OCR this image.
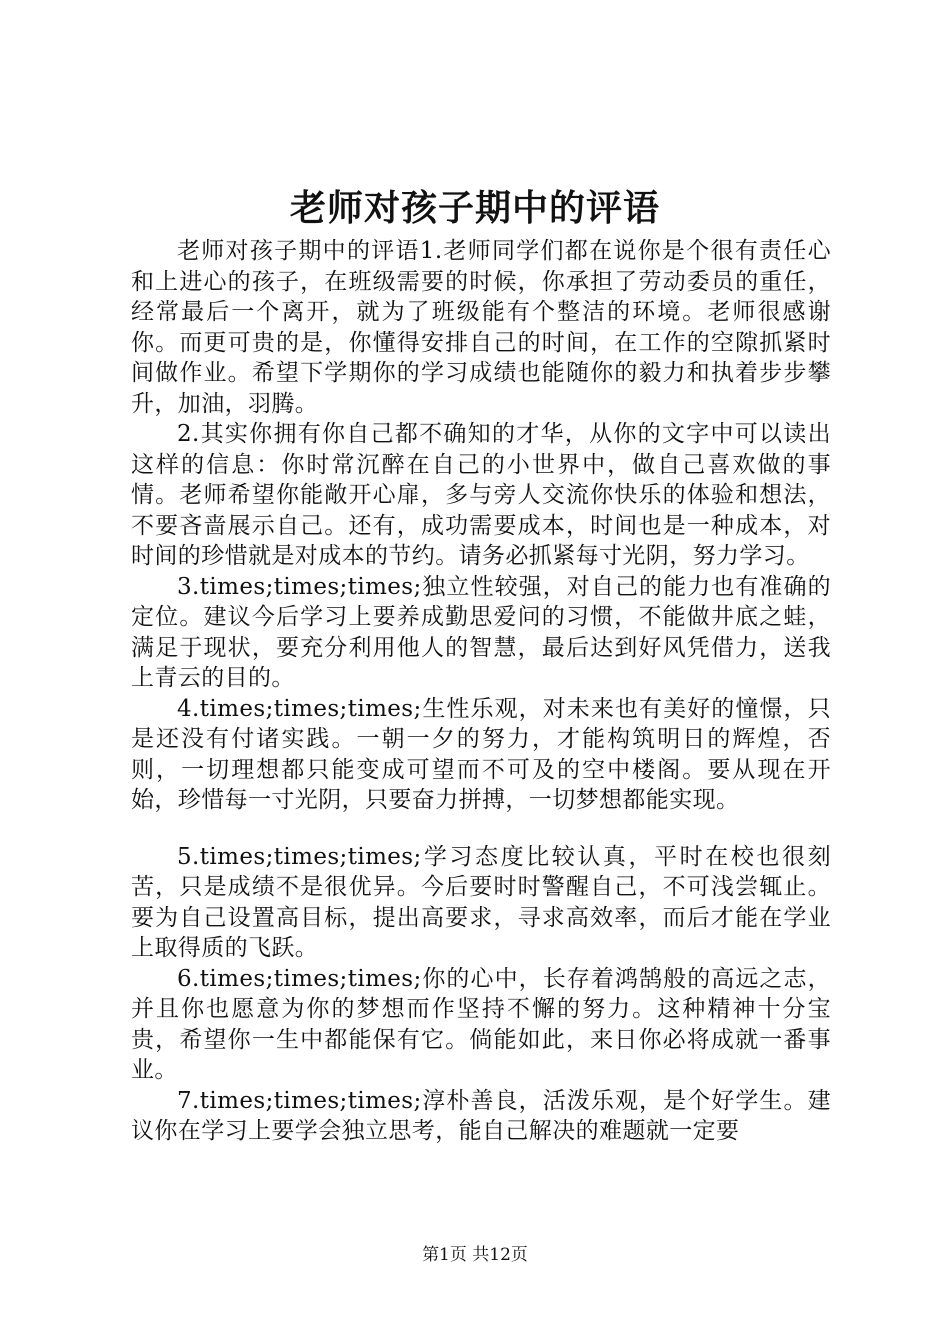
老师对孩子期中的评语

老师对孩子期中的评语1.老师同学们都在说你是个很有责任心和上进心的孩子，在班级需要的时候，你承担了劳动委员的重任，经常最后一个离开，就为了班级能有个整洁的环境。老师很感谢你。而更可贵的是，你懂得安排自己的时间，在工作的空隙抓紧时间做作业。希望下学期你的学习成绩也能随你的毅力和执着步步攀升，加油，羽腾。

2.其实你拥有你自己都不确知的才华，从你的文字中可以读出这样的信息：你时常沉醉在自己的小世界中，做自己喜欢做的事情。老师希望你能敞开心扉，多与旁人交流你快乐的体验和想法，不要吝啬展示自己。还有，成功需要成本，时间也是一种成本，对时间的珍惜就是对成本的节约。请务必抓紧每寸光阴，努力学习。

3.times;times;times;独立性较强，对自己的能力也有准确的定位。建议今后学习上要养成勤思爱问的习惯，不能做井底之蛙，满足于现状，要充分利用他人的智慧，最后达到好风凭借力，送我上青云的目的。

4.times;times;times;生性乐观，对未来也有美好的憧憬，只是还没有付诸实践。一朝一夕的努力，才能构筑明日的辉煌，否则，一切理想都只能变成可望而不可及的空中楼阁。要从现在开始，珍惜每一寸光阴，只要奋力拼搏，一切梦想都能实现。

5.times;times;times;学习态度比较认真，平时在校也很刻苦，只是成绩不是很优异。今后要时时警醒自己，不可浅尝辄止。要为自己设置高目标，提出高要求，寻求高效率，而后才能在学业上取得质的飞跃。

6.times;times;times;你的心中，长存着鸿鹄般的高远之志，并且你也愿意为你的梦想而作坚持不懈的努力。这种精神十分宝贵，希望你一生中都能保有它。倘能如此，来日你必将成就一番事业。

7.times;times;times;淳朴善良，活泼乐观，是个好学生。建议你在学习上要学会独立思考，能自己解决的难题就一定要

第1页 共12页
